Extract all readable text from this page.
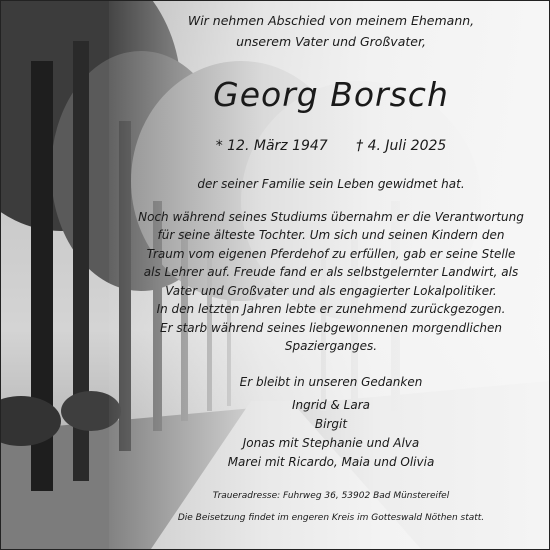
Wir nehmen Abschied von meinem Ehemann,
unserem Vater und Großvater,
Georg Borsch
* 12. März 1947 † 4. Juli 2025
der seiner Familie sein Leben gewidmet hat.
Noch während seines Studiums übernahm er die Verantwortung
für seine älteste Tochter. Um sich und seinen Kindern den
Traum vom eigenen Pferdehof zu erfüllen, gab er seine Stelle
als Lehrer auf. Freude fand er als selbstgelernter Landwirt, als
Vater und Großvater und als engagierter Lokalpolitiker.
In den letzten Jahren lebte er zunehmend zurückgezogen.
Er starb während seines liebgewonnenen morgendlichen
Spazierganges.
Er bleibt in unseren Gedanken
Ingrid & Lara
Birgit
Jonas mit Stephanie und Alva
Marei mit Ricardo, Maia und Olivia
Traueradresse: Fuhrweg 36, 53902 Bad Münstereifel
Die Beisetzung findet im engeren Kreis im Gotteswald Nöthen statt.
